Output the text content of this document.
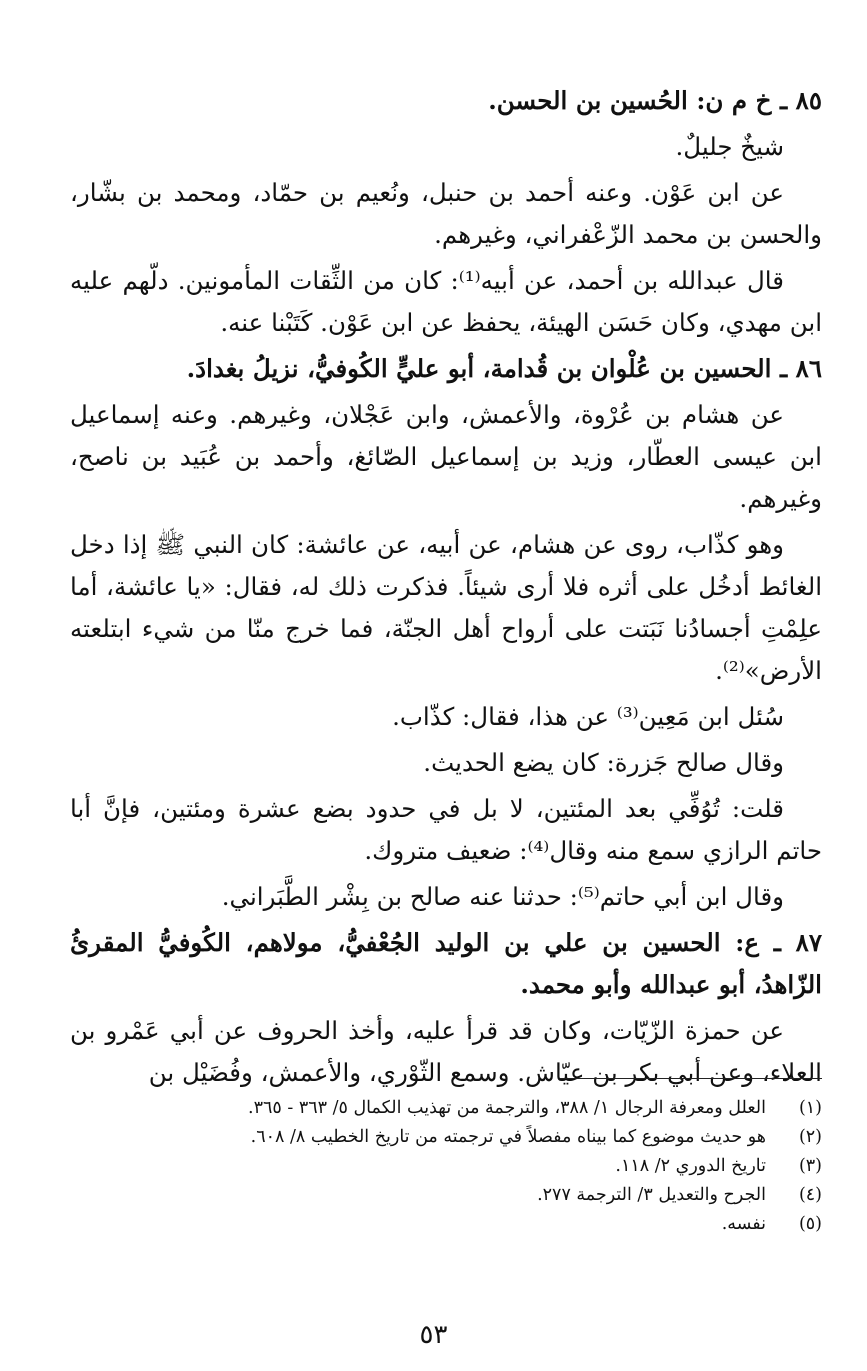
٨٥ ـ خ م ن: الحُسين بن الحسن.

شيخٌ جليلٌ.

عن ابن عَوْن. وعنه أحمد بن حنبل، ونُعيم بن حمّاد، ومحمد بن بشّار، والحسن بن محمد الزّعْفراني، وغيرهم.

قال عبدالله بن أحمد، عن أبيه⁽¹⁾: كان من الثِّقات المأمونين. دلّهم عليه ابن مهدي، وكان حَسَن الهيئة، يحفظ عن ابن عَوْن. كَتَبْنا عنه.

٨٦ ـ الحسين بن عُلْوان بن قُدامة، أبو عليٍّ الكُوفيُّ، نزيلُ بغدادَ.

عن هشام بن عُرْوة، والأعمش، وابن عَجْلان، وغيرهم. وعنه إسماعيل ابن عيسى العطّار، وزيد بن إسماعيل الصّائغ، وأحمد بن عُبَيد بن ناصح، وغيرهم.

وهو كذّاب، روى عن هشام، عن أبيه، عن عائشة: كان النبي ﷺ إذا دخل الغائط أدخُل على أثره فلا أرى شيئاً. فذكرت ذلك له، فقال: «يا عائشة، أما علِمْتِ أجسادُنا نَبَتت على أرواح أهل الجنّة، فما خرج منّا من شيء ابتلعته الأرض»⁽²⁾.

سُئل ابن مَعِين⁽³⁾ عن هذا، فقال: كذّاب.

وقال صالح جَزرة: كان يضع الحديث.

قلت: تُوُفِّي بعد المئتين، لا بل في حدود بضع عشرة ومئتين، فإنَّ أبا حاتم الرازي سمع منه وقال⁽⁴⁾: ضعيف متروك.

وقال ابن أبي حاتم⁽⁵⁾: حدثنا عنه صالح بن بِشْر الطَّبَراني.

٨٧ ـ ع: الحسين بن علي بن الوليد الجُعْفيُّ، مولاهم، الكُوفيُّ المقرئُ الزّاهدُ، أبو عبدالله وأبو محمد.

عن حمزة الزّيّات، وكان قد قرأ عليه، وأخذ الحروف عن أبي عَمْرو بن العلاء، وعن أبي بكر بن عيّاش. وسمع الثّوْري، والأعمش، وفُضَيْل بن

(١)
العلل ومعرفة الرجال ١/ ٣٨٨، والترجمة من تهذيب الكمال ٥/ ٣٦٣ - ٣٦٥.
(٢)
هو حديث موضوع كما بيناه مفصلاً في ترجمته من تاريخ الخطيب ٨/ ٦٠٨.
(٣)
تاريخ الدوري ٢/ ١١٨.
(٤)
الجرح والتعديل ٣/ الترجمة ٢٧٧.
(٥)
نفسه.
٥٣
